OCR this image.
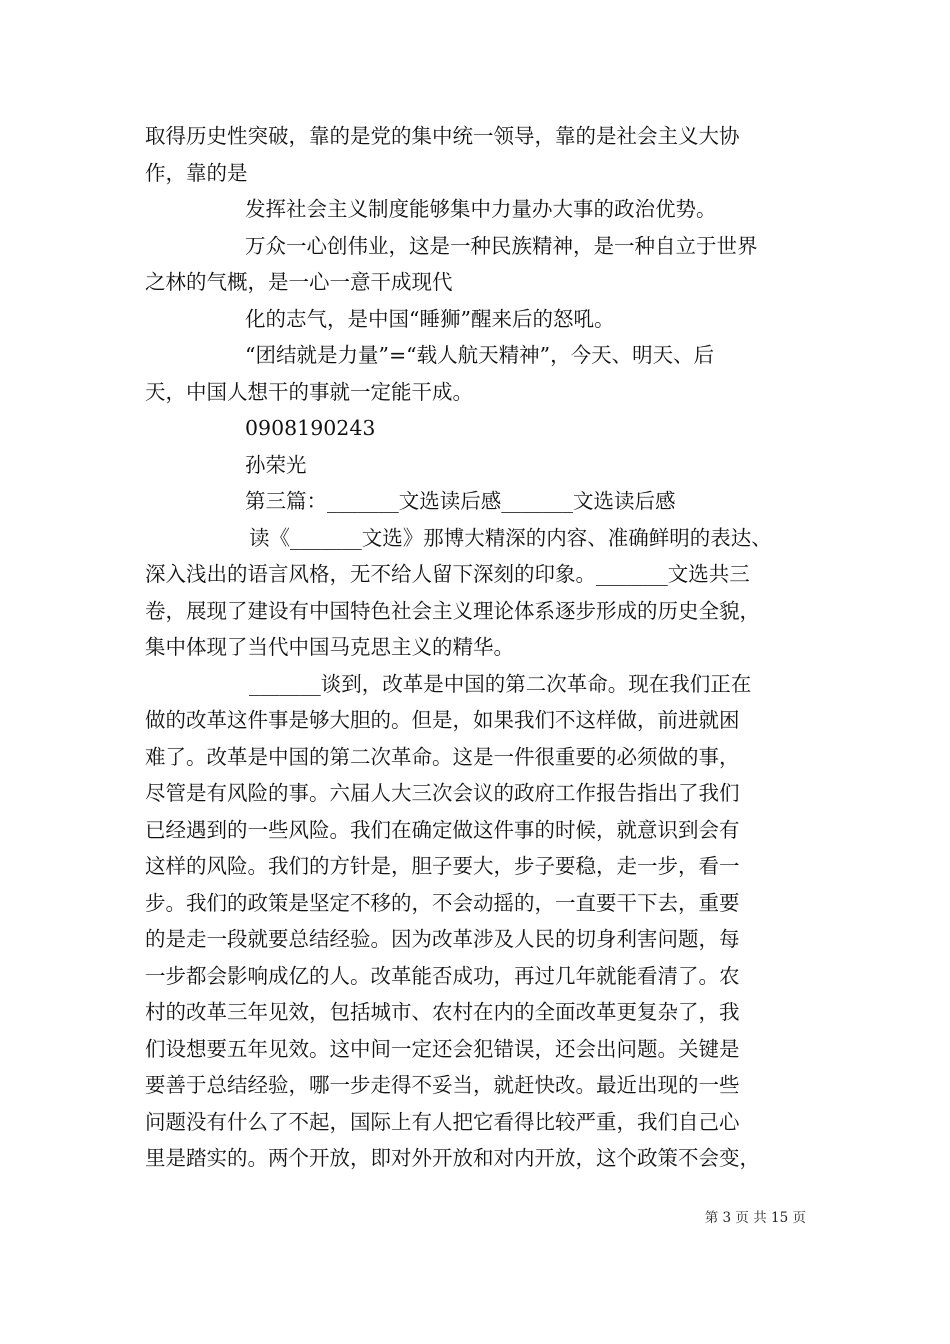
取得历史性突破，靠的是党的集中统一领导，靠的是社会主义大协
作，靠的是
发挥社会主义制度能够集中力量办大事的政治优势。
万众一心创伟业，这是一种民族精神，是一种自立于世界
之林的气概，是一心一意干成现代
化的志气，是中国“睡狮”醒来后的怒吼。
“团结就是力量”=“载人航天精神”，今天、明天、后
天，中国人想干的事就一定能干成。
0908190243
孙荣光
第三篇：_______文选读后感_______文选读后感
读《_______文选》那博大精深的内容、准确鲜明的表达、
深入浅出的语言风格，无不给人留下深刻的印象。_______文选共三
卷，展现了建设有中国特色社会主义理论体系逐步形成的历史全貌，
集中体现了当代中国马克思主义的精华。
_______谈到，改革是中国的第二次革命。现在我们正在
做的改革这件事是够大胆的。但是，如果我们不这样做，前进就困
难了。改革是中国的第二次革命。这是一件很重要的必须做的事，
尽管是有风险的事。六届人大三次会议的政府工作报告指出了我们
已经遇到的一些风险。我们在确定做这件事的时候，就意识到会有
这样的风险。我们的方针是，胆子要大，步子要稳，走一步，看一
步。我们的政策是坚定不移的，不会动摇的，一直要干下去，重要
的是走一段就要总结经验。因为改革涉及人民的切身利害问题，每
一步都会影响成亿的人。改革能否成功，再过几年就能看清了。农
村的改革三年见效，包括城市、农村在内的全面改革更复杂了，我
们设想要五年见效。这中间一定还会犯错误，还会出问题。关键是
要善于总结经验，哪一步走得不妥当，就赶快改。最近出现的一些
问题没有什么了不起，国际上有人把它看得比较严重，我们自己心
里是踏实的。两个开放，即对外开放和对内开放，这个政策不会变，
第 3 页 共 15 页
